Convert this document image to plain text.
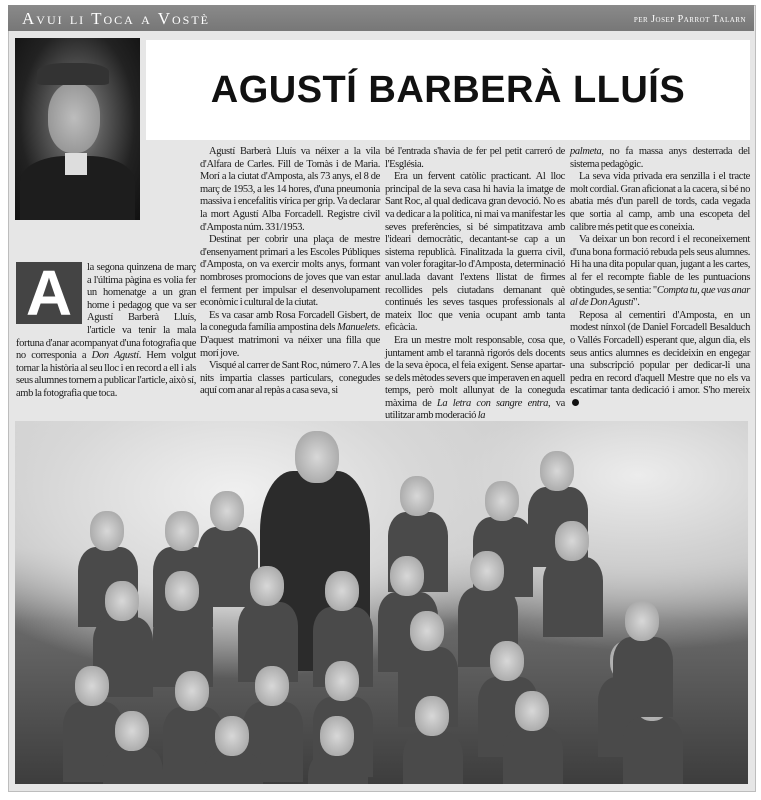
Avui li Toca a Vostè	per Josep Parrot Talarn
AGUSTÍ BARBERÀ LLUÍS
A	la segona quinzena de març a l'última pàgina es volia fer un homenatge a un gran home i pedagog que va ser Agustí Barberà Lluís, l'article va tenir la mala fortuna d'anar acompanyat d'una fotografia que no corresponia a Don Agustí. Hem volgut tornar la història al seu lloc i en record a ell i als seus alumnes tornem a publicar l'article, això sí, amb la fotografia que toca.

Agustí Barberà Lluís va néixer a la vila d'Alfara de Carles. Fill de Tomàs i de Maria. Morí a la ciutat d'Amposta, als 73 anys, el 8 de març de 1953, a les 14 hores, d'una pneumonia massiva i encefalitis vírica per grip. Va declarar la mort Agustí Alba Forcadell. Registre civil d'Amposta núm. 331/1953.

Destinat per cobrir una plaça de mestre d'ensenyament primari a les Escoles Públiques d'Amposta, on va exercir molts anys, formant nombroses promocions de joves que van estar el ferment per impulsar el desenvolupament econòmic i cultural de la ciutat.

Es va casar amb Rosa Forcadell Gisbert, de la coneguda família ampostina dels Manuelets. D'aquest matrimoni va néixer una filla que morí jove.

Visqué al carrer de Sant Roc, número 7. A les nits impartia classes particulars, conegudes aquí com anar al repàs a casa seva, si

bé l'entrada s'havia de fer pel petit carreró de l'Església.

Era un fervent catòlic practicant. Al lloc principal de la seva casa hi havia la imatge de Sant Roc, al qual dedicava gran devoció. No es va dedicar a la política, ni mai va manifestar les seves preferències, si bé simpatitzava amb l'ideari democràtic, decantant-se cap a un sistema republicà. Finalitzada la guerra civil, van voler foragitar-lo d'Amposta, determinació anul.lada davant l'extens llistat de firmes recollides pels ciutadans demanant què continués les seves tasques professionals al mateix lloc que venia ocupant amb tanta eficàcia.

Era un mestre molt responsable, cosa que, juntament amb el tarannà rigorós dels docents de la seva època, el feia exigent. Sense apartar-se dels mètodes severs que imperaven en aquell temps, però molt allunyat de la coneguda màxima de La letra con sangre entra, va utilitzar amb moderació la

palmeta, no fa massa anys desterrada del sistema pedagògic.

La seva vida privada era senzilla i el tracte molt cordial. Gran aficionat a la cacera, si bé no abatia més d'un parell de tords, cada vegada que sortia al camp, amb una escopeta del calibre més petit que es coneixia.

Va deixar un bon record i el reconeixement d'una bona formació rebuda pels seus alumnes. Hi ha una dita popular quan, jugant a les cartes, al fer el recompte fiable de les puntuacions obtingudes, se sentia: "Compta tu, que vas anar al de Don Agustí".

Reposa al cementiri d'Amposta, en un modest nínxol (de Daniel Forcadell Besalduch o Vallés Forcadell) esperant que, algun dia, els seus antics alumnes es decideixin en engegar una subscripció popular per dedicar-li una pedra en record d'aquell Mestre que no els va escatimar tanta dedicació i amor. S'ho mereix
